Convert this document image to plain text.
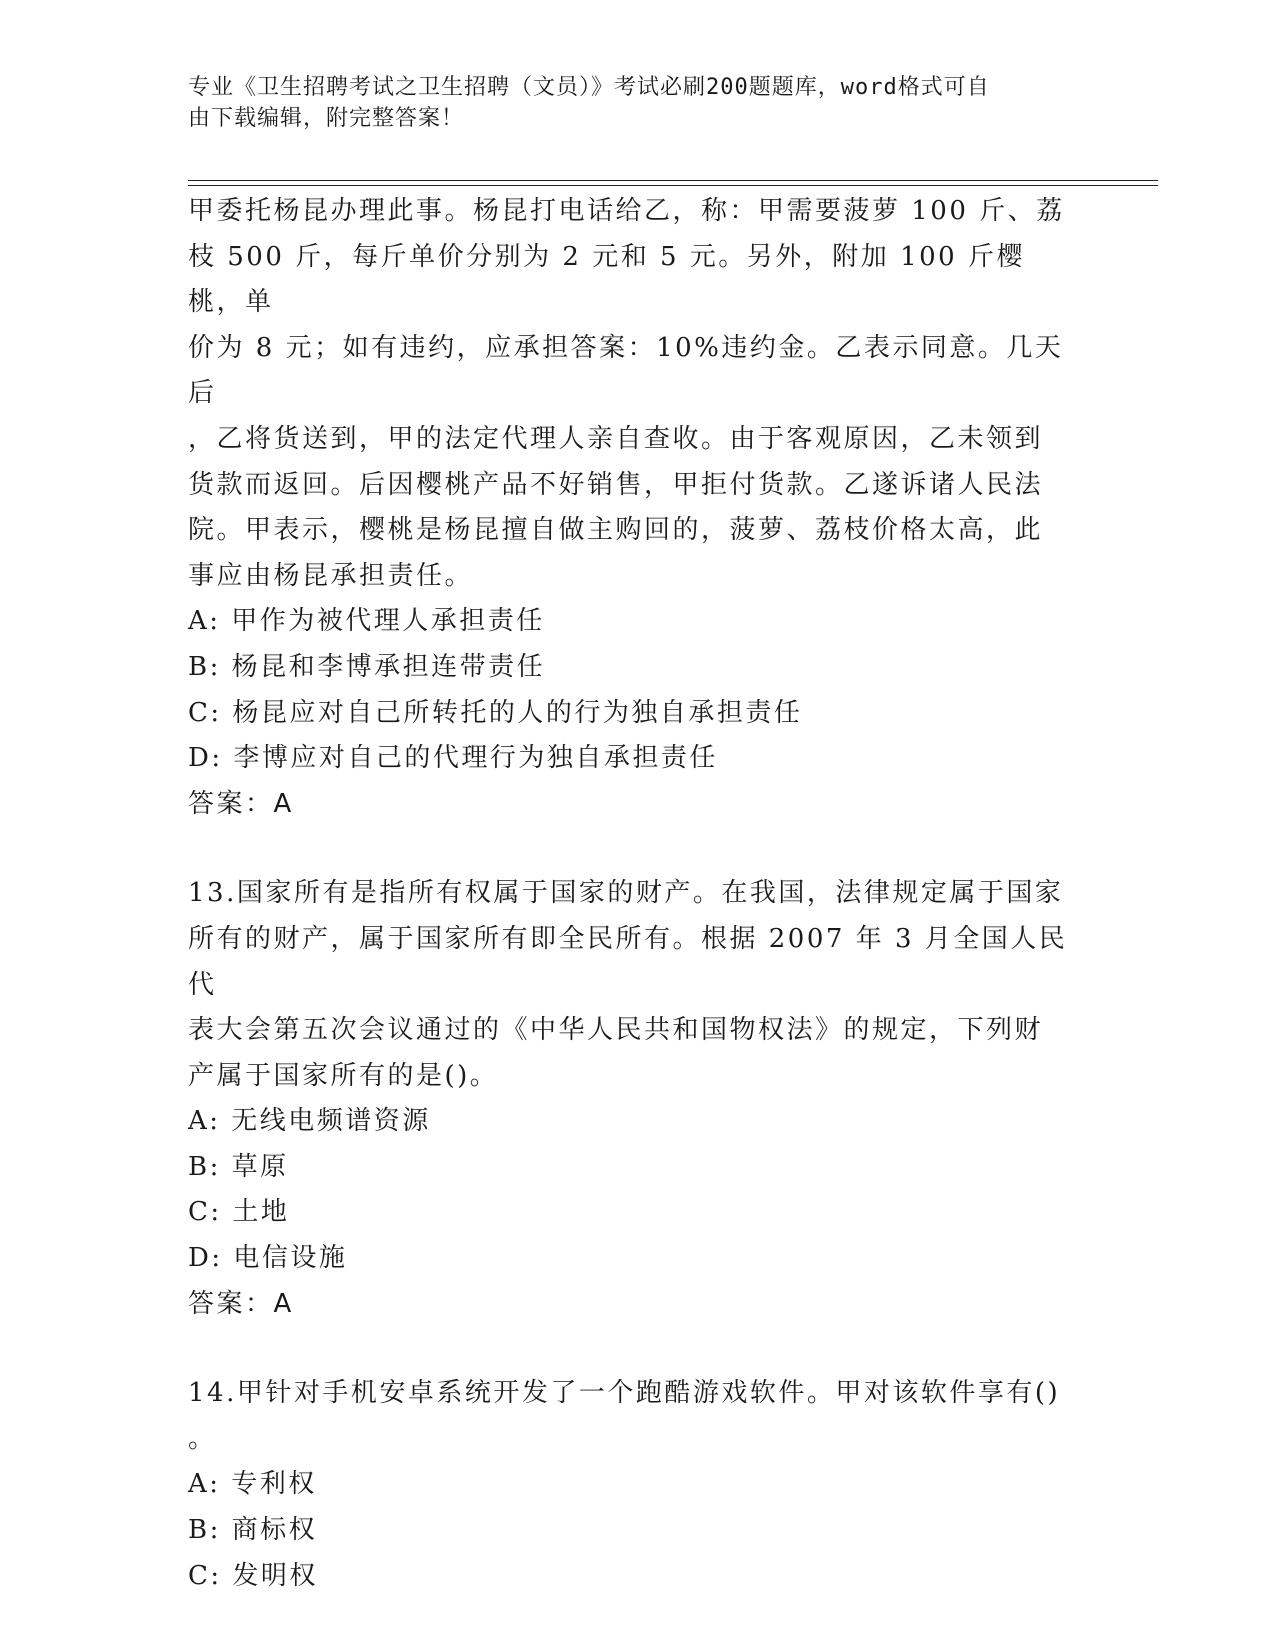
专业《卫生招聘考试之卫生招聘（文员）》考试必刷200题题库，word格式可自
由下载编辑，附完整答案！

甲委托杨昆办理此事。杨昆打电话给乙，称：甲需要菠萝 100 斤、荔

枝 500 斤，每斤单价分别为 2 元和 5 元。另外，附加 100 斤樱桃，单

价为 8 元；如有违约，应承担答案：10%违约金。乙表示同意。几天后

，乙将货送到，甲的法定代理人亲自查收。由于客观原因，乙未领到

货款而返回。后因樱桃产品不好销售，甲拒付货款。乙遂诉诸人民法

院。甲表示，樱桃是杨昆擅自做主购回的，菠萝、荔枝价格太高，此

事应由杨昆承担责任。

A: 甲作为被代理人承担责任

B: 杨昆和李博承担连带责任

C: 杨昆应对自己所转托的人的行为独自承担责任

D: 李博应对自己的代理行为独自承担责任

答案：A

13.国家所有是指所有权属于国家的财产。在我国，法律规定属于国家

所有的财产，属于国家所有即全民所有。根据 2007 年 3 月全国人民代

表大会第五次会议通过的《中华人民共和国物权法》的规定，下列财

产属于国家所有的是()。

A: 无线电频谱资源

B: 草原

C: 土地

D: 电信设施

答案：A

14.甲针对手机安卓系统开发了一个跑酷游戏软件。甲对该软件享有()

。

A: 专利权

B: 商标权

C: 发明权
